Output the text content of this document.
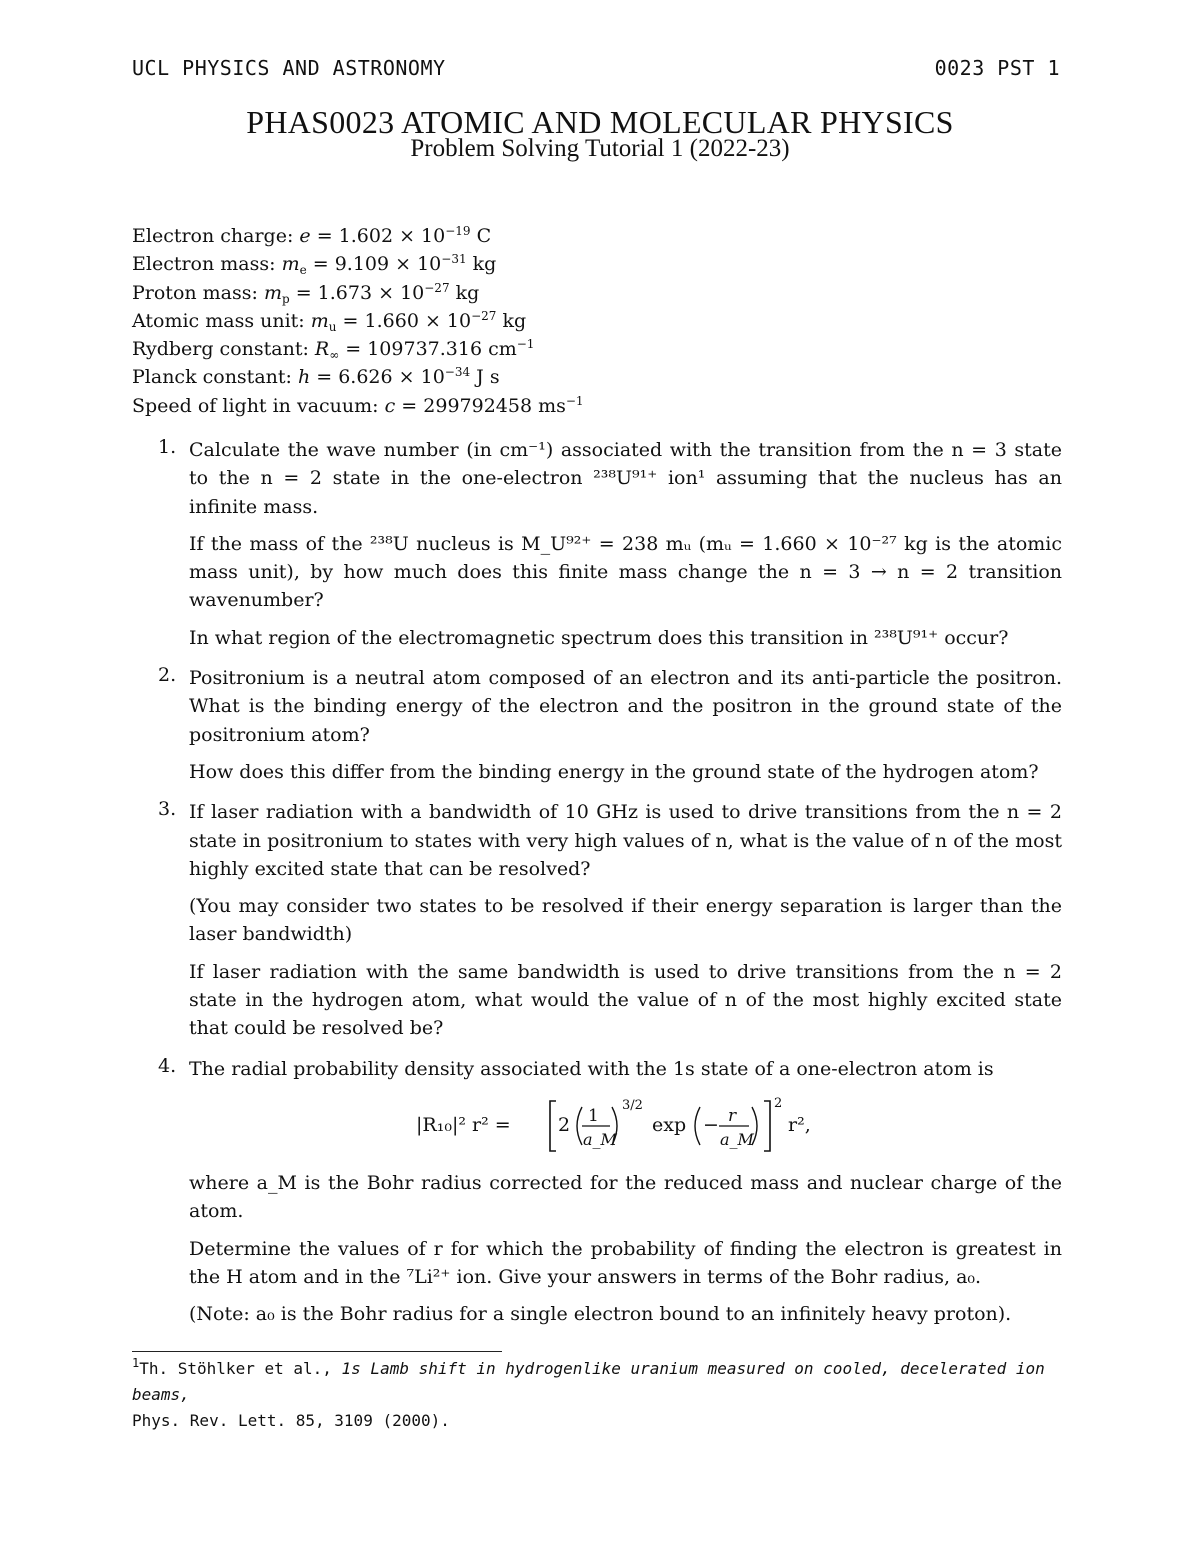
UCL PHYSICS AND ASTRONOMY	0023 PST 1
PHAS0023 ATOMIC AND MOLECULAR PHYSICS
Problem Solving Tutorial 1 (2022-23)
Electron charge: $e = 1.602 \times 10^{-19}$ C
Electron mass: $m_e = 9.109 \times 10^{-31}$ kg
Proton mass: $m_p = 1.673 \times 10^{-27}$ kg
Atomic mass unit: $m_u = 1.660 \times 10^{-27}$ kg
Rydberg constant: $R_\infty = 109737.316$ $cm^{-1}$
Planck constant: $h = 6.626 \times 10^{-34}$ J s
Speed of light in vacuum: c = 299792458 $ms^{-1}$
1. Calculate the wave number (in cm⁻¹) associated with the transition from the n = 3 state to the n = 2 state in the one-electron ²³⁸U⁹¹⁺ ion¹ assuming that the nucleus has an infinite mass.

If the mass of the ²³⁸U nucleus is M_U⁹²⁺ = 238 mᵤ (mᵤ = 1.660 × 10⁻²⁷ kg is the atomic mass unit), by how much does this finite mass change the n = 3 → n = 2 transition wavenumber?

In what region of the electromagnetic spectrum does this transition in ²³⁸U⁹¹⁺ occur?

2. Positronium is a neutral atom composed of an electron and its anti-particle the positron. What is the binding energy of the electron and the positron in the ground state of the positronium atom?

How does this differ from the binding energy in the ground state of the hydrogen atom?

3. If laser radiation with a bandwidth of 10 GHz is used to drive transitions from the n = 2 state in positronium to states with very high values of n, what is the value of n of the most highly excited state that can be resolved?

(You may consider two states to be resolved if their energy separation is larger than the laser bandwidth)

If laser radiation with the same bandwidth is used to drive transitions from the n = 2 state in the hydrogen atom, what would the value of n of the most highly excited state that could be resolved be?

4. The radial probability density associated with the 1s state of a one-electron atom is

|R₁₀|² r² = 2 1
a_M
3/2
exp − r
a_M
2
r²,

where a_M is the Bohr radius corrected for the reduced mass and nuclear charge of the atom.

Determine the values of r for which the probability of finding the electron is greatest in the H atom and in the ⁷Li²⁺ ion. Give your answers in terms of the Bohr radius, a₀.

(Note: a₀ is the Bohr radius for a single electron bound to an infinitely heavy proton).

$^1$Th. Stöhlker et al., 1s Lamb shift in hydrogenlike uranium measured on cooled, decelerated ion beams,
Phys. Rev. Lett. 85, 3109 (2000).
